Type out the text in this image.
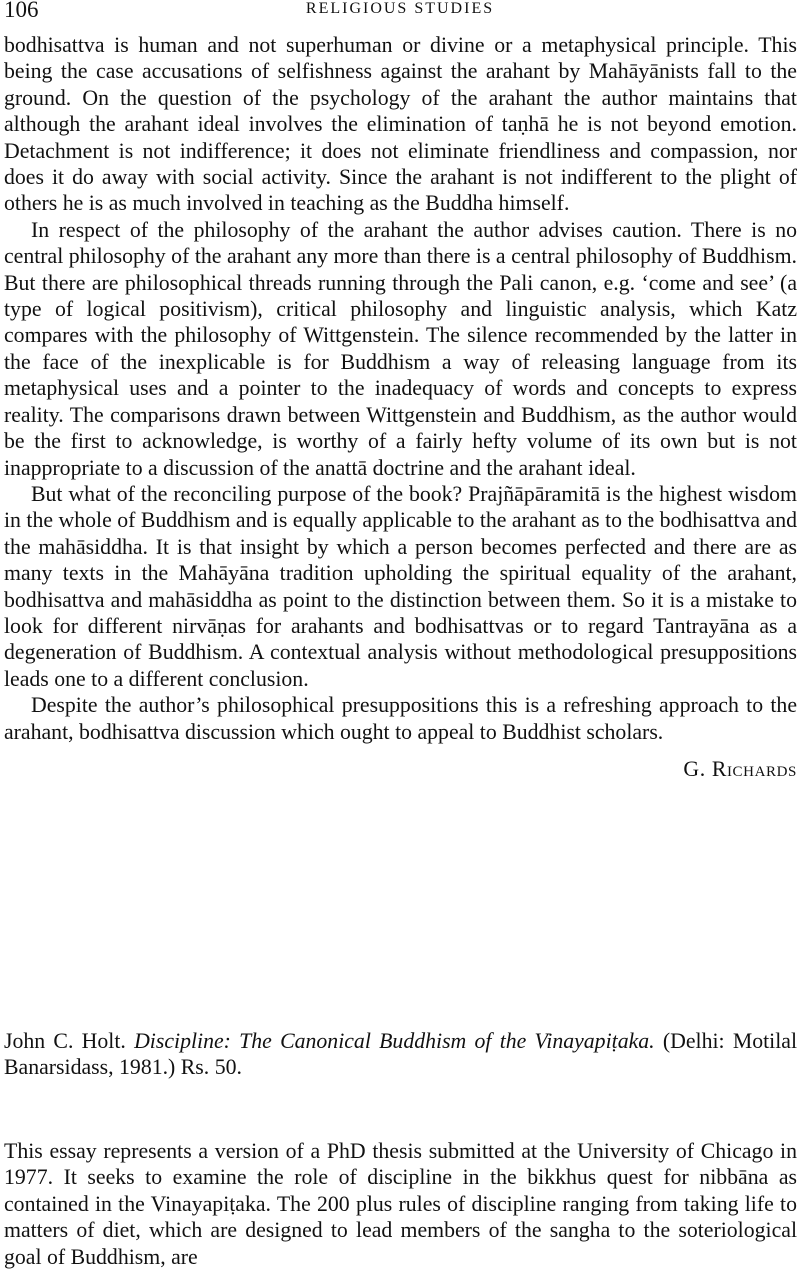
106	RELIGIOUS STUDIES

bodhisattva is human and not superhuman or divine or a metaphysical principle. This being the case accusations of selfishness against the arahant by Mahāyānists fall to the ground. On the question of the psychology of the arahant the author maintains that although the arahant ideal involves the elimination of taṇhā he is not beyond emotion. Detachment is not indifference; it does not eliminate friendliness and compassion, nor does it do away with social activity. Since the arahant is not indifferent to the plight of others he is as much involved in teaching as the Buddha himself.

In respect of the philosophy of the arahant the author advises caution. There is no central philosophy of the arahant any more than there is a central philosophy of Buddhism. But there are philosophical threads running through the Pali canon, e.g. ‘come and see’ (a type of logical positivism), critical philosophy and linguistic analysis, which Katz compares with the philosophy of Wittgenstein. The silence recommended by the latter in the face of the inexplicable is for Buddhism a way of releasing language from its metaphysical uses and a pointer to the inadequacy of words and concepts to express reality. The comparisons drawn between Wittgenstein and Buddhism, as the author would be the first to acknowledge, is worthy of a fairly hefty volume of its own but is not inappropriate to a discussion of the anattā doctrine and the arahant ideal.

But what of the reconciling purpose of the book? Prajñāpāramitā is the highest wisdom in the whole of Buddhism and is equally applicable to the arahant as to the bodhisattva and the mahāsiddha. It is that insight by which a person becomes perfected and there are as many texts in the Mahāyāna tradition upholding the spiritual equality of the arahant, bodhisattva and mahāsiddha as point to the distinction between them. So it is a mistake to look for different nirvāṇas for arahants and bodhisattvas or to regard Tantrayāna as a degeneration of Buddhism. A contextual analysis without methodological presuppositions leads one to a different conclusion.

Despite the author’s philosophical presuppositions this is a refreshing approach to the arahant, bodhisattva discussion which ought to appeal to Buddhist scholars.

G. Richards
John C. Holt. Discipline: The Canonical Buddhism of the Vinayapiṭaka. (Delhi: Motilal Banarsidass, 1981.) Rs. 50.

This essay represents a version of a PhD thesis submitted at the University of Chicago in 1977. It seeks to examine the role of discipline in the bikkhus quest for nibbāna as contained in the Vinayapiṭaka. The 200 plus rules of discipline ranging from taking life to matters of diet, which are designed to lead members of the sangha to the soteriological goal of Buddhism, are
